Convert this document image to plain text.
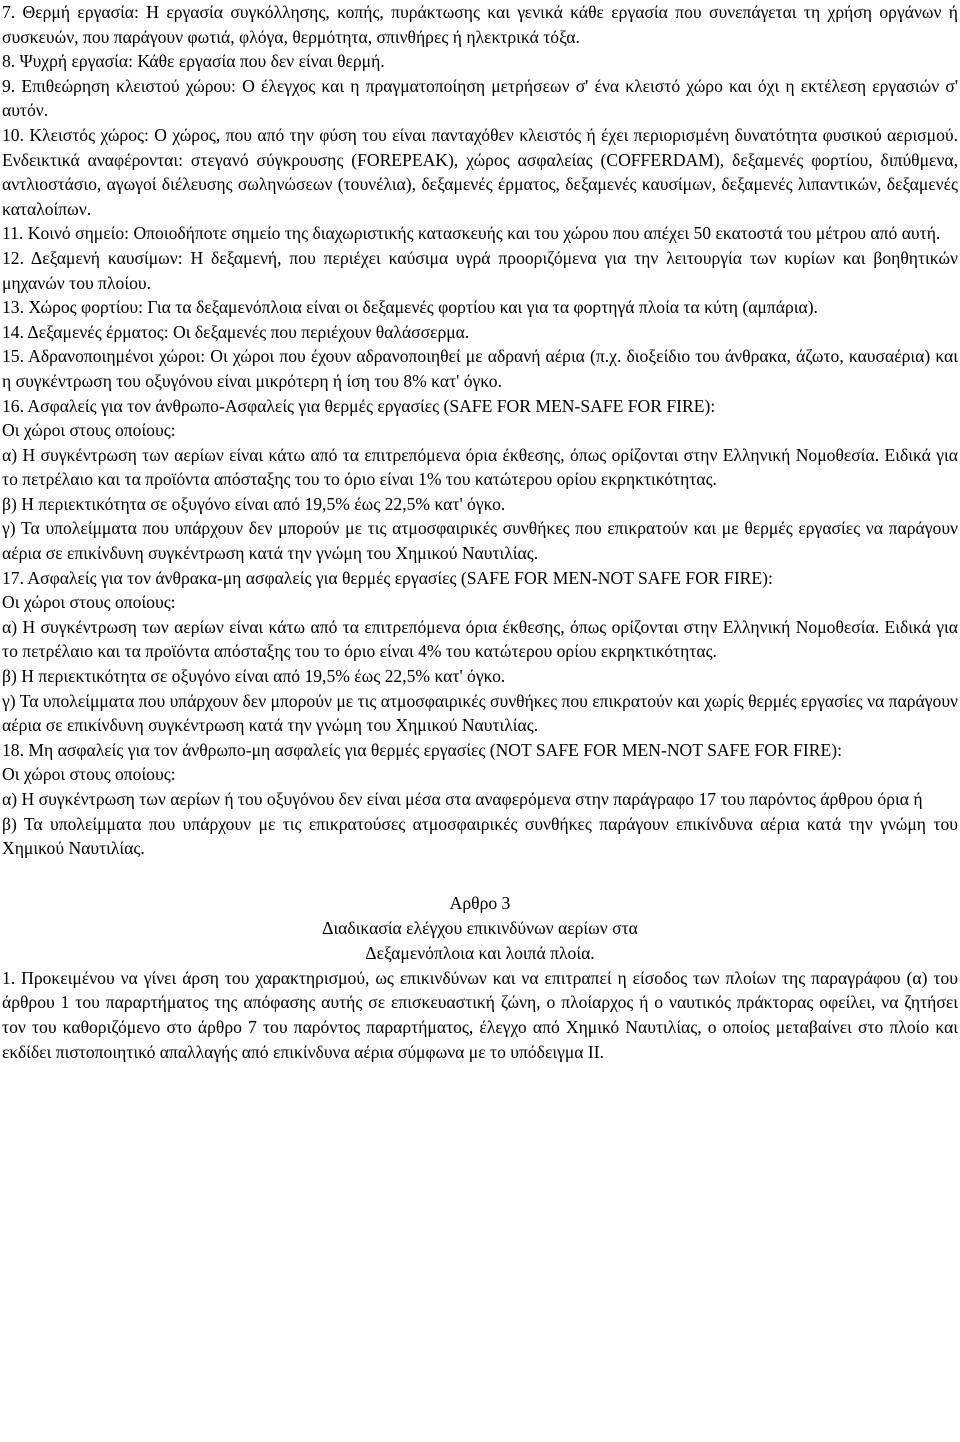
7. Θερμή εργασία: Η εργασία συγκόλλησης, κοπής, πυράκτωσης και γενικά κάθε εργασία που συνεπάγεται τη χρήση οργάνων ή συσκευών, που παράγουν φωτιά, φλόγα, θερμότητα, σπινθήρες ή ηλεκτρικά τόξα.

8. Ψυχρή εργασία: Κάθε εργασία που δεν είναι θερμή.

9. Επιθεώρηση κλειστού χώρου: Ο έλεγχος και η πραγματοποίηση μετρήσεων σ' ένα κλειστό χώρο και όχι η εκτέλεση εργασιών σ' αυτόν.

10. Κλειστός χώρος: Ο χώρος, που από την φύση του είναι πανταχόθεν κλειστός ή έχει περιορισμένη δυνατότητα φυσικού αερισμού. Ενδεικτικά αναφέρονται: στεγανό σύγκρουσης (FOREPEAK), χώρος ασφαλείας (COFFERDAM), δεξαμενές φορτίου, διπύθμενα, αντλιοστάσιο, αγωγοί διέλευσης σωληνώσεων (τουνέλια), δεξαμενές έρματος, δεξαμενές καυσίμων, δεξαμενές λιπαντικών, δεξαμενές καταλοίπων.

11. Κοινό σημείο: Οποιοδήποτε σημείο της διαχωριστικής κατασκευής και του χώρου που απέχει 50 εκατοστά του μέτρου από αυτή.

12. Δεξαμενή καυσίμων: Η δεξαμενή, που περιέχει καύσιμα υγρά προοριζόμενα για την λειτουργία των κυρίων και βοηθητικών μηχανών του πλοίου.

13. Χώρος φορτίου: Για τα δεξαμενόπλοια είναι οι δεξαμενές φορτίου και για τα φορτηγά πλοία τα κύτη (αμπάρια).

14. Δεξαμενές έρματος: Οι δεξαμενές που περιέχουν θαλάσσερμα.

15. Αδρανοποιημένοι χώροι: Οι χώροι που έχουν αδρανοποιηθεί με αδρανή αέρια (π.χ. διοξείδιο του άνθρακα, άζωτο, καυσαέρια) και η συγκέντρωση του οξυγόνου είναι μικρότερη ή ίση του 8% κατ' όγκο.

16. Ασφαλείς για τον άνθρωπο-Ασφαλείς για θερμές εργασίες (SAFE FOR MEN-SAFE FOR FIRE):

Οι χώροι στους οποίους:

α) Η συγκέντρωση των αερίων είναι κάτω από τα επιτρεπόμενα όρια έκθεσης, όπως ορίζονται στην Ελληνική Νομοθεσία. Ειδικά για το πετρέλαιο και τα προϊόντα απόσταξης του το όριο είναι 1% του κατώτερου ορίου εκρηκτικότητας.

β) Η περιεκτικότητα σε οξυγόνο είναι από 19,5% έως 22,5% κατ' όγκο.

γ) Τα υπολείμματα που υπάρχουν δεν μπορούν με τις ατμοσφαιρικές συνθήκες που επικρατούν και με θερμές εργασίες να παράγουν αέρια σε επικίνδυνη συγκέντρωση κατά την γνώμη του Χημικού Ναυτιλίας.

17. Ασφαλείς για τον άνθρακα-μη ασφαλείς για θερμές εργασίες (SAFE FOR MEN-NOT SAFE FOR FIRE):

Οι χώροι στους οποίους:

α) Η συγκέντρωση των αερίων είναι κάτω από τα επιτρεπόμενα όρια έκθεσης, όπως ορίζονται στην Ελληνική Νομοθεσία. Ειδικά για το πετρέλαιο και τα προϊόντα απόσταξης του το όριο είναι 4% του κατώτερου ορίου εκρηκτικότητας.

β) Η περιεκτικότητα σε οξυγόνο είναι από 19,5% έως 22,5% κατ' όγκο.

γ) Τα υπολείμματα που υπάρχουν δεν μπορούν με τις ατμοσφαιρικές συνθήκες που επικρατούν και χωρίς θερμές εργασίες να παράγουν αέρια σε επικίνδυνη συγκέντρωση κατά την γνώμη του Χημικού Ναυτιλίας.

18. Μη ασφαλείς για τον άνθρωπο-μη ασφαλείς για θερμές εργασίες (NOT SAFE FOR MEN-NOT SAFE FOR FIRE):

Οι χώροι στους οποίους:

α) Η συγκέντρωση των αερίων ή του οξυγόνου δεν είναι μέσα στα αναφερόμενα στην παράγραφο 17 του παρόντος άρθρου όρια ή

β) Τα υπολείμματα που υπάρχουν με τις επικρατούσες ατμοσφαιρικές συνθήκες παράγουν επικίνδυνα αέρια κατά την γνώμη του Χημικού Ναυτιλίας.

Αρθρο 3

Διαδικασία ελέγχου επικινδύνων αερίων στα

Δεξαμενόπλοια και λοιπά πλοία.

1. Προκειμένου να γίνει άρση του χαρακτηρισμού, ως επικινδύνων και να επιτραπεί η είσοδος των πλοίων της παραγράφου (α) του άρθρου 1 του παραρτήματος της απόφασης αυτής σε επισκευαστική ζώνη, ο πλοίαρχος ή ο ναυτικός πράκτορας οφείλει, να ζητήσει τον του καθοριζόμενο στο άρθρο 7 του παρόντος παραρτήματος, έλεγχο από Χημικό Ναυτιλίας, ο οποίος μεταβαίνει στο πλοίο και εκδίδει πιστοποιητικό απαλλαγής από επικίνδυνα αέρια σύμφωνα με το υπόδειγμα ΙΙ.
